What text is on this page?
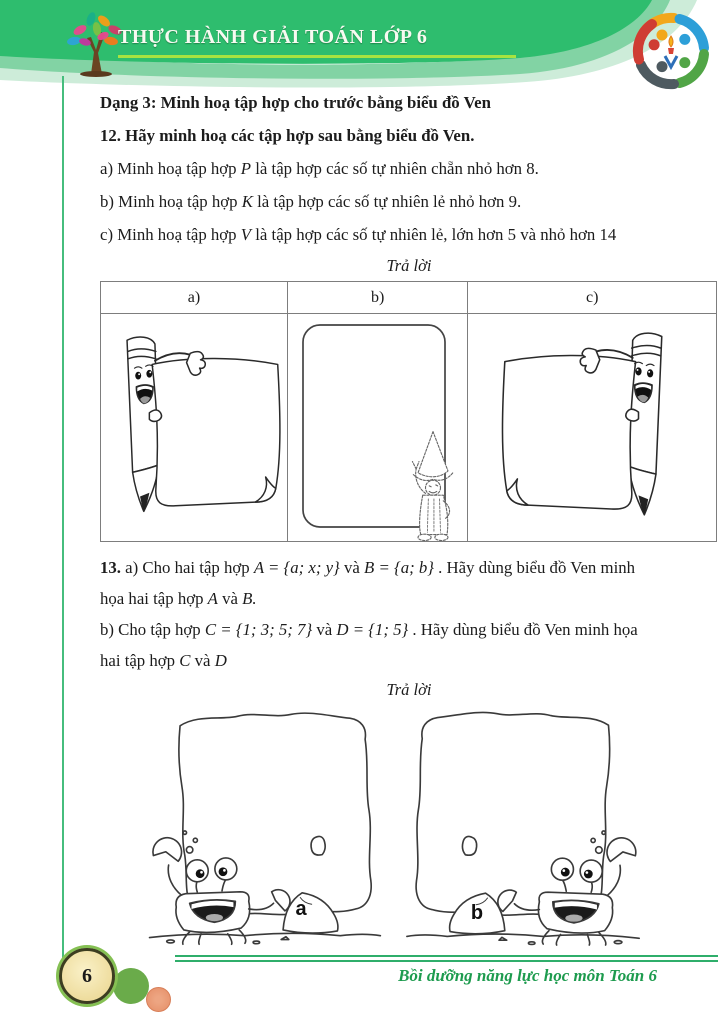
THỰC HÀNH GIẢI TOÁN LỚP 6

Dạng 3: Minh hoạ tập hợp cho trước bằng biểu đồ Ven

12. Hãy minh hoạ các tập hợp sau bằng biểu đồ Ven.

a) Minh hoạ tập hợp P là tập hợp các số tự nhiên chẵn nhỏ hơn 8.

b) Minh hoạ tập hợp K là tập hợp các số tự nhiên lẻ nhỏ hơn 9.

c) Minh hoạ tập hợp V là tập hợp các số tự nhiên lẻ, lớn hơn 5 và nhỏ hơn 14

Trả lời

a)	b)	c)

13. a) Cho hai tập hợp A = {a; x; y} và B = {a; b} . Hãy dùng biểu đồ Ven minh

họa hai tập hợp A và B.

b) Cho tập hợp C = {1; 3; 5; 7} và D = {1; 5} . Hãy dùng biểu đồ Ven minh họa

hai tập hợp C và D

Trả lời

a	b
6	Bồi dưỡng năng lực học môn Toán 6
